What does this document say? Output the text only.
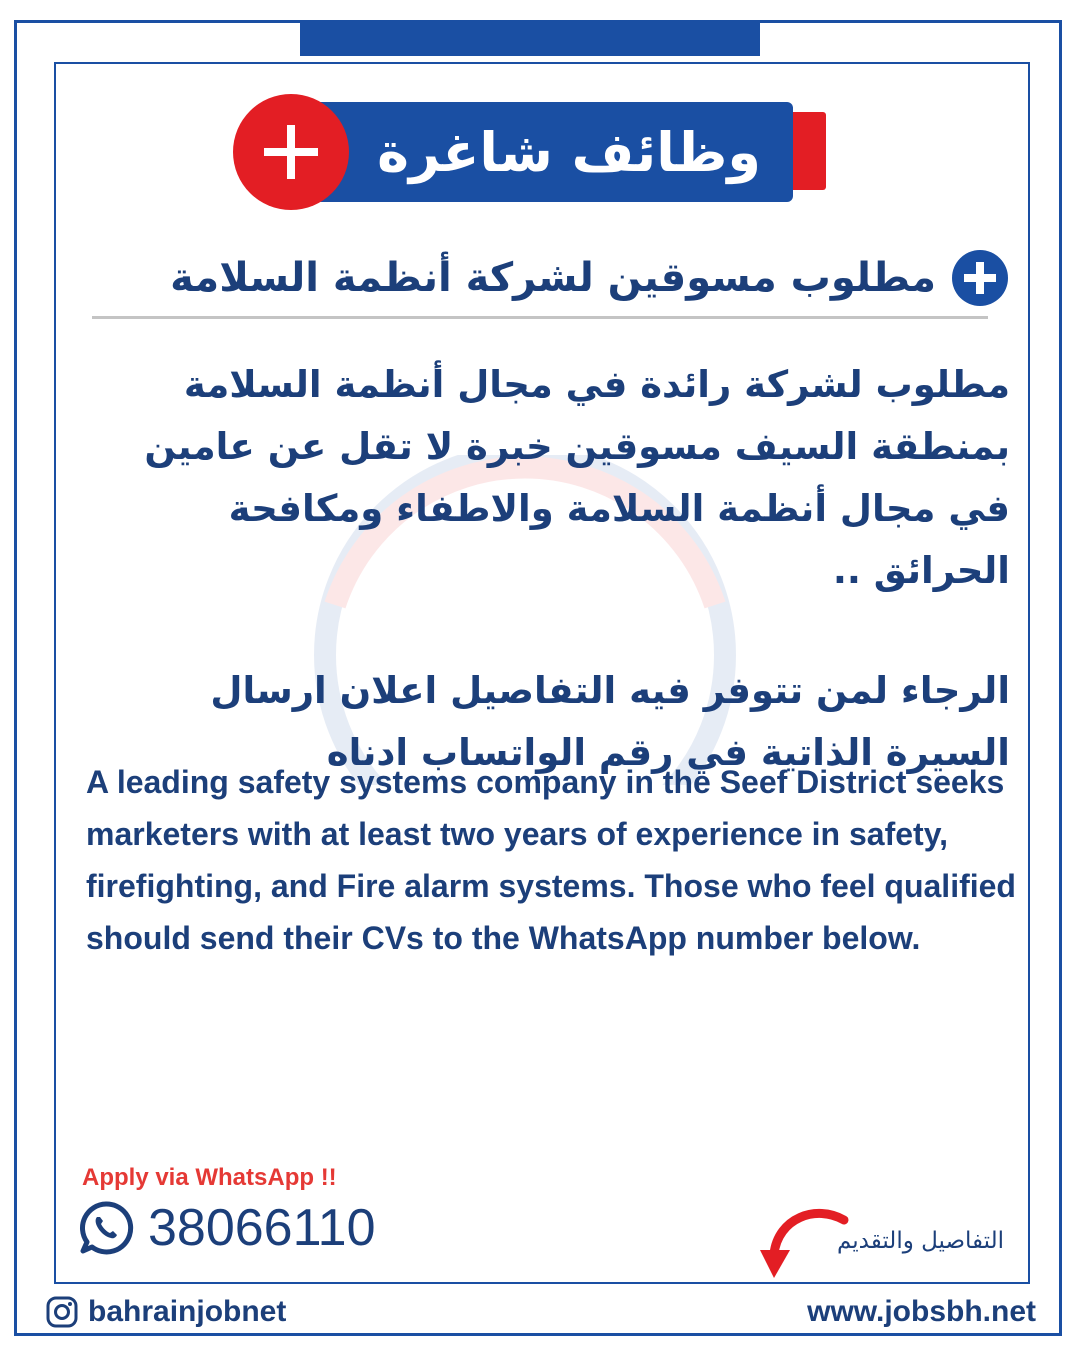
وظائف شاغرة
مطلوب مسوقين لشركة أنظمة السلامة
مطلوب لشركة رائدة في مجال أنظمة السلامة بمنطقة السيف مسوقين خبرة لا تقل عن عامين في مجال أنظمة السلامة والاطفاء ومكافحة الحرائق ..
الرجاء لمن تتوفر فيه التفاصيل اعلان ارسال السيرة الذاتية في رقم الواتساب ادناه
A leading safety systems company in the Seef District seeks marketers with at least two years of experience in safety, firefighting, and Fire alarm systems. Those who feel qualified should send their CVs to the WhatsApp number below.
Apply via WhatsApp !!
38066110	التفاصيل والتقديم
bahrainjobnet	www.jobsbh.net
